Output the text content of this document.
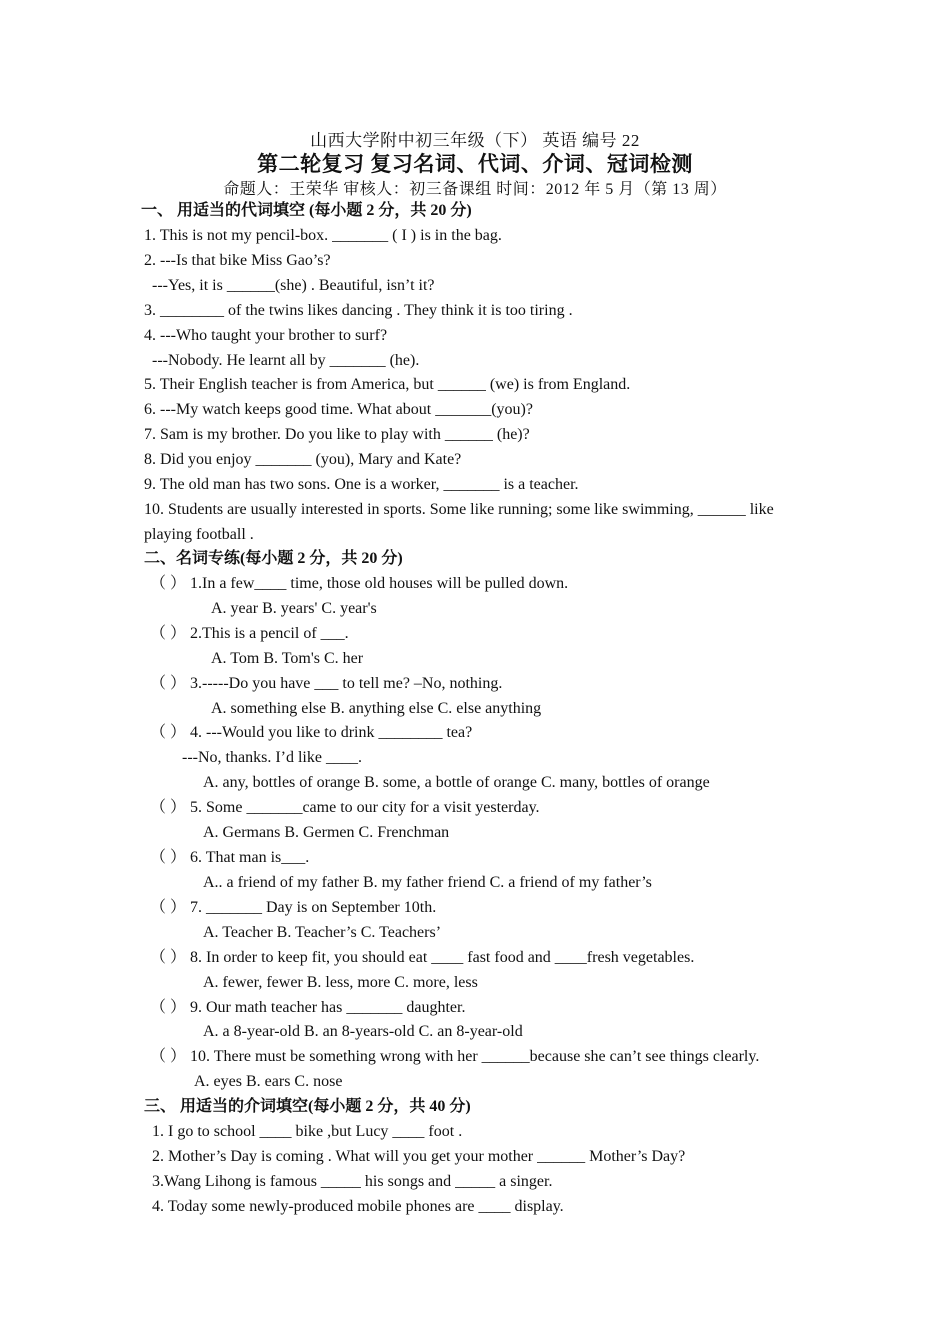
山西大学附中初三年级（下） 英语 编号 22
第二轮复习 复习名词、代词、介词、冠词检测
命题人：王荣华 审核人：初三备课组 时间：2012 年 5 月（第 13 周）
一、 用适当的代词填空 (每小题 2 分，共 20 分)
1. This is not my pencil-box. _______ ( I ) is in the bag.
2. ---Is that bike Miss Gao’s?
---Yes, it is ______(she) . Beautiful, isn’t it?
3. ________ of the twins likes dancing . They think it is too tiring .
4. ---Who taught your brother to surf?
---Nobody. He learnt all by _______ (he).
5. Their English teacher is from America, but ______ (we) is from England.
6. ---My watch keeps good time. What about _______(you)?
7. Sam is my brother. Do you like to play with ______ (he)?
8. Did you enjoy _______ (you), Mary and Kate?
9. The old man has two sons. One is a worker, _______ is a teacher.
10. Students are usually interested in sports. Some like running; some like swimming, ______ like
playing football .
二、名词专练(每小题 2 分，共 20 分)
（ ） 1.In a few____ time, those old houses will be pulled down.
A. year B. years' C. year's
（ ） 2.This is a pencil of ___.
A. Tom B. Tom's C. her
（ ） 3.-----Do you have ___ to tell me? –No, nothing.
A. something else B. anything else C. else anything
（ ） 4. ---Would you like to drink ________ tea?
---No, thanks. I’d like ____.
A. any, bottles of orange B. some, a bottle of orange C. many, bottles of orange
（ ） 5. Some _______came to our city for a visit yesterday.
A. Germans B. Germen C. Frenchman
（ ） 6. That man is___.
A.. a friend of my father B. my father friend C. a friend of my father’s
（ ） 7. _______ Day is on September 10th.
A. Teacher B. Teacher’s C. Teachers’
（ ） 8. In order to keep fit, you should eat ____ fast food and ____fresh vegetables.
A. fewer, fewer B. less, more C. more, less
（ ） 9. Our math teacher has _______ daughter.
A. a 8-year-old B. an 8-years-old C. an 8-year-old
（ ） 10. There must be something wrong with her ______because she can’t see things clearly.
A. eyes B. ears C. nose
三、 用适当的介词填空(每小题 2 分，共 40 分)
1. I go to school ____ bike ,but Lucy ____ foot .
2. Mother’s Day is coming . What will you get your mother ______ Mother’s Day?
3.Wang Lihong is famous _____ his songs and _____ a singer.
4. Today some newly-produced mobile phones are ____ display.
